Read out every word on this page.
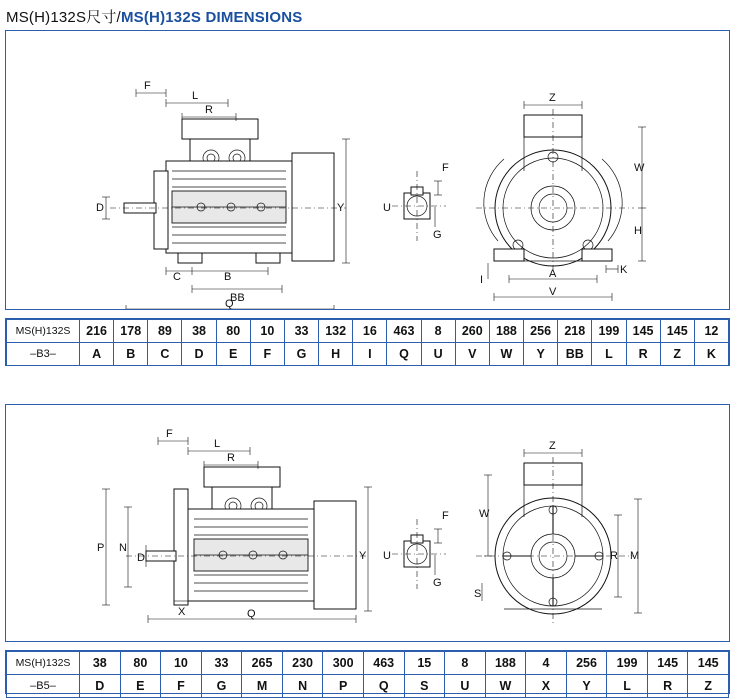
MS(H)132S尺寸/MS(H)132S DIMENSIONS
F
L
R
D
C	B
BB
Q
Y
F
U
G
Z
W
H
K
I	A
V
MS(H)132S	216	178	89	38	80	10	33	132	16	463	8	260	188	256	218	199	145	145	12
–B3–	A	B	C	D	E	F	G	H	I	Q	U	V	W	Y	BB	L	R	Z	K
F
L
R
P N
D
X	Q
Y
F
U
G
Z
W
M
R
S
MS(H)132S	38	80	10	33	265	230	300	463	15	8	188	4	256	199	145	145
–B5–	D	E	F	G	M	N	P	Q	S	U	W	X	Y	L	R	Z
